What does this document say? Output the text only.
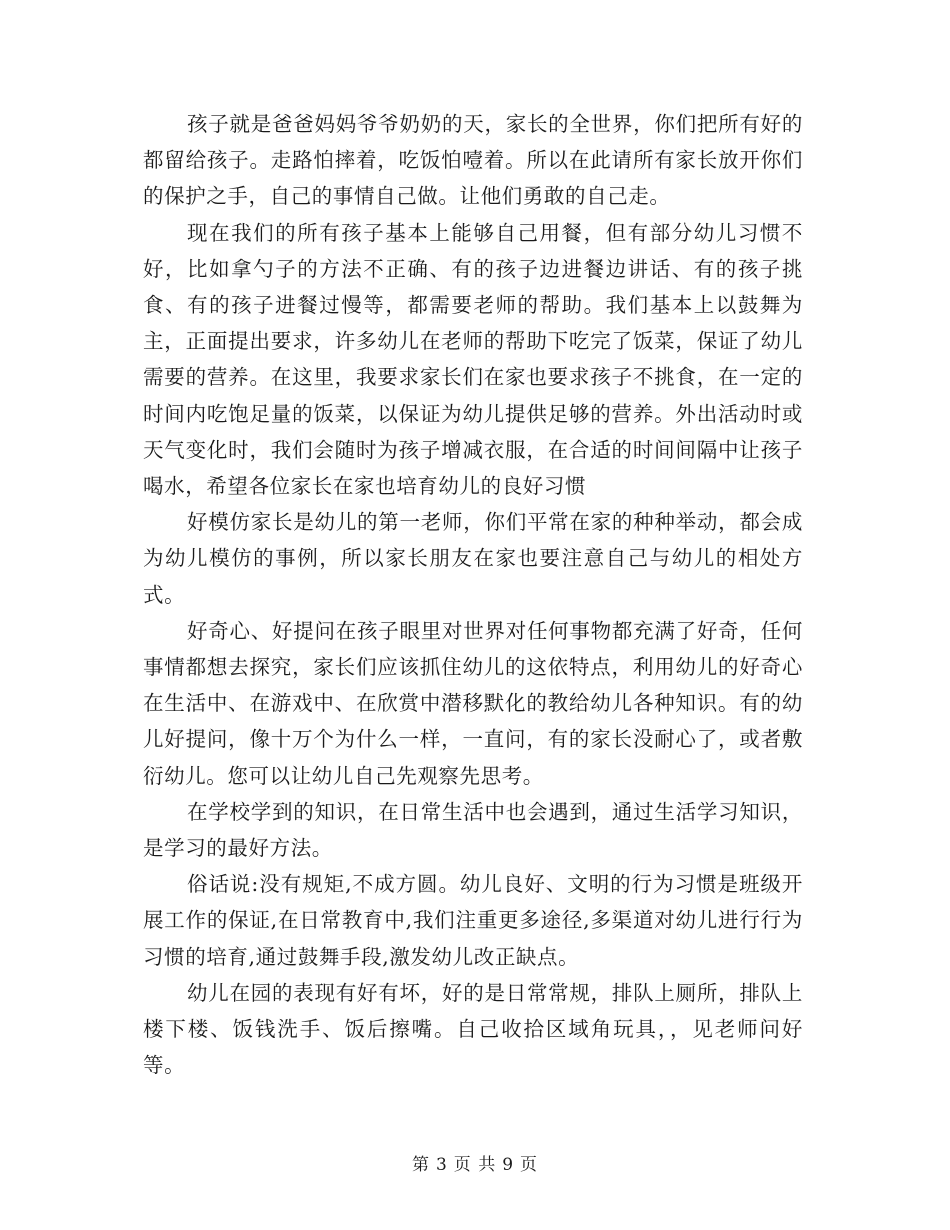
孩子就是爸爸妈妈爷爷奶奶的天，家长的全世界，你们把所有好的都留给孩子。走路怕摔着，吃饭怕噎着。所以在此请所有家长放开你们的保护之手，自己的事情自己做。让他们勇敢的自己走。

现在我们的所有孩子基本上能够自己用餐，但有部分幼儿习惯不好，比如拿勺子的方法不正确、有的孩子边进餐边讲话、有的孩子挑食、有的孩子进餐过慢等，都需要老师的帮助。我们基本上以鼓舞为主，正面提出要求，许多幼儿在老师的帮助下吃完了饭菜，保证了幼儿需要的营养。在这里，我要求家长们在家也要求孩子不挑食，在一定的时间内吃饱足量的饭菜，以保证为幼儿提供足够的营养。外出活动时或天气变化时，我们会随时为孩子增减衣服，在合适的时间间隔中让孩子喝水，希望各位家长在家也培育幼儿的良好习惯

好模仿家长是幼儿的第一老师，你们平常在家的种种举动，都会成为幼儿模仿的事例，所以家长朋友在家也要注意自己与幼儿的相处方式。

好奇心、好提问在孩子眼里对世界对任何事物都充满了好奇，任何事情都想去探究，家长们应该抓住幼儿的这依特点，利用幼儿的好奇心在生活中、在游戏中、在欣赏中潜移默化的教给幼儿各种知识。有的幼儿好提问，像十万个为什么一样，一直问，有的家长没耐心了，或者敷衍幼儿。您可以让幼儿自己先观察先思考。

在学校学到的知识，在日常生活中也会遇到，通过生活学习知识，是学习的最好方法。

俗话说:没有规矩,不成方圆。幼儿良好、文明的行为习惯是班级开展工作的保证,在日常教育中,我们注重更多途径,多渠道对幼儿进行行为习惯的培育,通过鼓舞手段,激发幼儿改正缺点。

幼儿在园的表现有好有坏，好的是日常常规，排队上厕所，排队上楼下楼、饭钱洗手、饭后擦嘴。自己收拾区域角玩具，，见老师问好等。

第 3 页 共 9 页
